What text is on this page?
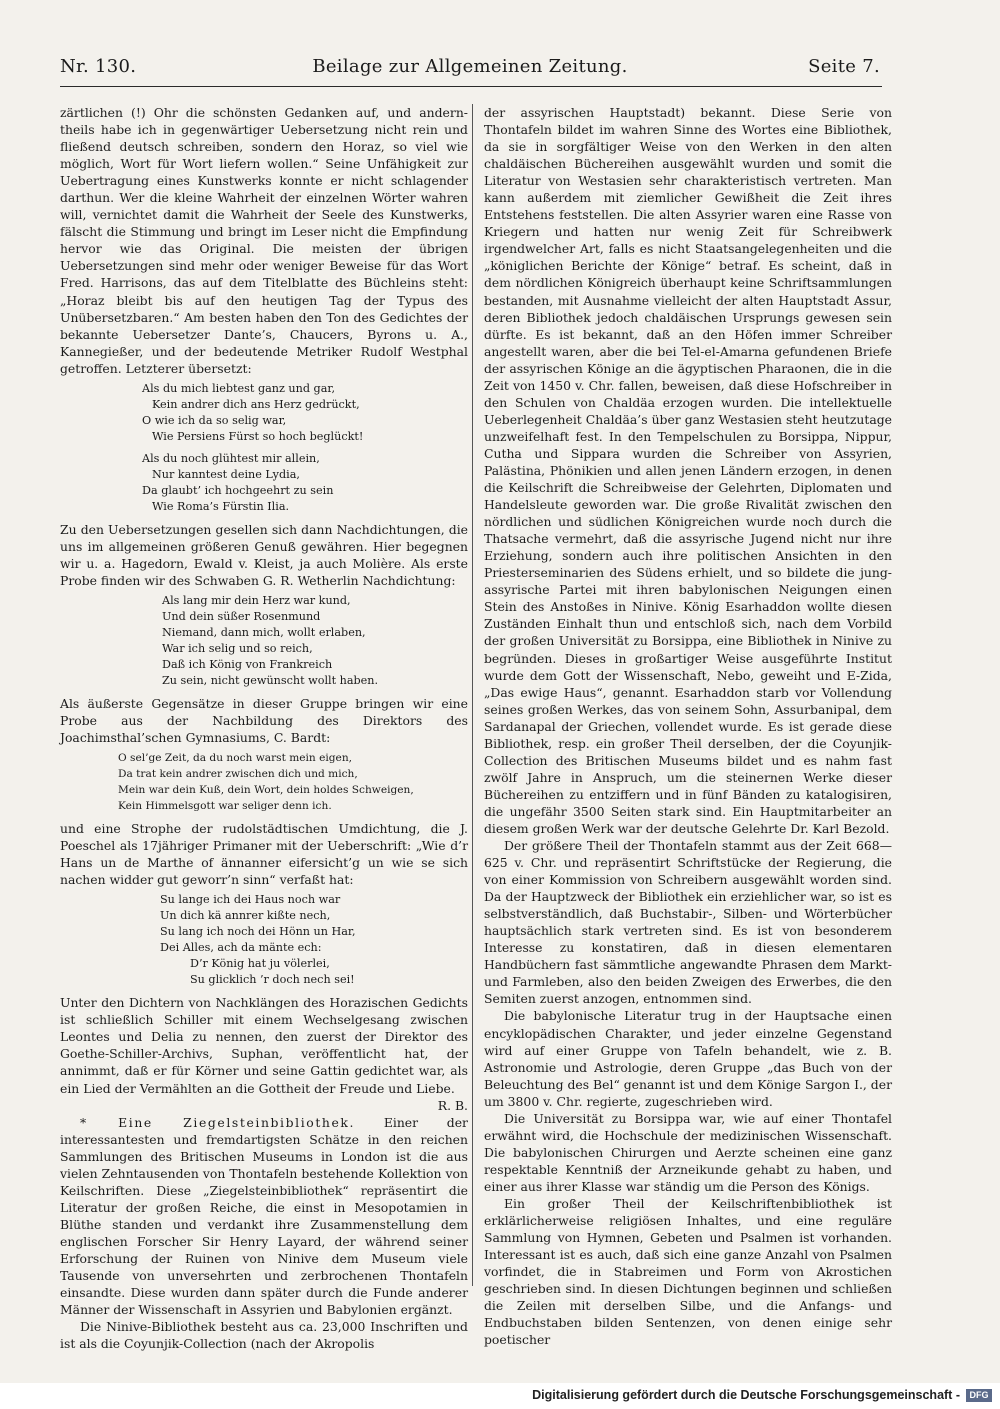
Nr. 130.	Beilage zur Allgemeinen Zeitung.	Seite 7.

zärtlichen (!) Ohr die schönsten Gedanken auf, und andern-theils habe ich in gegenwärtiger Uebersetzung nicht rein und fließend deutsch schreiben, sondern den Horaz, so viel wie möglich, Wort für Wort liefern wollen.“ Seine Unfähigkeit zur Uebertragung eines Kunstwerks konnte er nicht schlagender darthun. Wer die kleine Wahrheit der einzelnen Wörter wahren will, vernichtet damit die Wahrheit der Seele des Kunstwerks, fälscht die Stimmung und bringt im Leser nicht die Empfindung hervor wie das Original. Die meisten der übrigen Uebersetzungen sind mehr oder weniger Beweise für das Wort Fred. Harrisons, das auf dem Titelblatte des Büchleins steht: „Horaz bleibt bis auf den heutigen Tag der Typus des Unübersetzbaren.“ Am besten haben den Ton des Gedichtes der bekannte Uebersetzer Dante’s, Chaucers, Byrons u. A., Kannegießer, und der bedeutende Metriker Rudolf Westphal getroffen. Letzterer übersetzt:

Als du mich liebtest ganz und gar,
Kein andrer dich ans Herz gedrückt,
O wie ich da so selig war,
Wie Persiens Fürst so hoch beglückt!
Als du noch glühtest mir allein,
Nur kanntest deine Lydia,
Da glaubt’ ich hochgeehrt zu sein
Wie Roma’s Fürstin Ilia.

Zu den Uebersetzungen gesellen sich dann Nachdichtungen, die uns im allgemeinen größeren Genuß gewähren. Hier begegnen wir u. a. Hagedorn, Ewald v. Kleist, ja auch Molière. Als erste Probe finden wir des Schwaben G. R. Wetherlin Nachdichtung:

Als lang mir dein Herz war kund,
Und dein süßer Rosenmund
Niemand, dann mich, wollt erlaben,
War ich selig und so reich,
Daß ich König von Frankreich
Zu sein, nicht gewünscht wollt haben.

Als äußerste Gegensätze in dieser Gruppe bringen wir eine Probe aus der Nachbildung des Direktors des Joachimsthal’schen Gymnasiums, C. Bardt:

O sel’ge Zeit, da du noch warst mein eigen,
Da trat kein andrer zwischen dich und mich,
Mein war dein Kuß, dein Wort, dein holdes Schweigen,
Kein Himmelsgott war seliger denn ich.

und eine Strophe der rudolstädtischen Umdichtung, die J. Poeschel als 17jähriger Primaner mit der Ueberschrift: „Wie d’r Hans un de Marthe of ännanner eifersicht’g un wie se sich nachen widder gut geworr’n sinn“ verfaßt hat:

Su lange ich dei Haus noch war
Un dich kä annrer kißte nech,
Su lang ich noch dei Hönn un Har,
Dei Alles, ach da mänte ech:
D’r König hat ju völerlei,
Su glicklich ’r doch nech sei!

Unter den Dichtern von Nachklängen des Horazischen Gedichts ist schließlich Schiller mit einem Wechselgesang zwischen Leontes und Delia zu nennen, den zuerst der Direktor des Goethe-Schiller-Archivs, Suphan, veröffentlicht hat, der annimmt, daß er für Körner und seine Gattin gedichtet war, als ein Lied der Vermählten an die Gottheit der Freude und Liebe.

R. B.

* Eine Ziegelsteinbibliothek. Einer der interessantesten und fremdartigsten Schätze in den reichen Sammlungen des Britischen Museums in London ist die aus vielen Zehntausenden von Thontafeln bestehende Kollektion von Keilschriften. Diese „Ziegelsteinbibliothek“ repräsentirt die Literatur der großen Reiche, die einst in Mesopotamien in Blüthe standen und verdankt ihre Zusammenstellung dem englischen Forscher Sir Henry Layard, der während seiner Erforschung der Ruinen von Ninive dem Museum viele Tausende von unversehrten und zerbrochenen Thontafeln einsandte. Diese wurden dann später durch die Funde anderer Männer der Wissenschaft in Assyrien und Babylonien ergänzt.

Die Ninive-Bibliothek besteht aus ca. 23,000 Inschriften und ist als die Coyunjik-Collection (nach der Akropolis

der assyrischen Hauptstadt) bekannt. Diese Serie von Thontafeln bildet im wahren Sinne des Wortes eine Bibliothek, da sie in sorgfältiger Weise von den Werken in den alten chaldäischen Büchereihen ausgewählt wurden und somit die Literatur von Westasien sehr charakteristisch vertreten. Man kann außerdem mit ziemlicher Gewißheit die Zeit ihres Entstehens feststellen. Die alten Assyrier waren eine Rasse von Kriegern und hatten nur wenig Zeit für Schreibwerk irgendwelcher Art, falls es nicht Staatsangelegenheiten und die „königlichen Berichte der Könige“ betraf. Es scheint, daß in dem nördlichen Königreich überhaupt keine Schriftsammlungen bestanden, mit Ausnahme vielleicht der alten Hauptstadt Assur, deren Bibliothek jedoch chaldäischen Ursprungs gewesen sein dürfte. Es ist bekannt, daß an den Höfen immer Schreiber angestellt waren, aber die bei Tel-el-Amarna gefundenen Briefe der assyrischen Könige an die ägyptischen Pharaonen, die in die Zeit von 1450 v. Chr. fallen, beweisen, daß diese Hofschreiber in den Schulen von Chaldäa erzogen wurden. Die intellektuelle Ueberlegenheit Chaldäa’s über ganz Westasien steht heutzutage unzweifelhaft fest. In den Tempelschulen zu Borsippa, Nippur, Cutha und Sippara wurden die Schreiber von Assyrien, Palästina, Phönikien und allen jenen Ländern erzogen, in denen die Keilschrift die Schreibweise der Gelehrten, Diplomaten und Handelsleute geworden war. Die große Rivalität zwischen den nördlichen und südlichen Königreichen wurde noch durch die Thatsache vermehrt, daß die assyrische Jugend nicht nur ihre Erziehung, sondern auch ihre politischen Ansichten in den Priesterseminarien des Südens erhielt, und so bildete die jung-assyrische Partei mit ihren babylonischen Neigungen einen Stein des Anstoßes in Ninive. König Esarhaddon wollte diesen Zuständen Einhalt thun und entschloß sich, nach dem Vorbild der großen Universität zu Borsippa, eine Bibliothek in Ninive zu begründen. Dieses in großartiger Weise ausgeführte Institut wurde dem Gott der Wissenschaft, Nebo, geweiht und E-Zida, „Das ewige Haus“, genannt. Esarhaddon starb vor Vollendung seines großen Werkes, das von seinem Sohn, Assurbanipal, dem Sardanapal der Griechen, vollendet wurde. Es ist gerade diese Bibliothek, resp. ein großer Theil derselben, der die Coyunjik-Collection des Britischen Museums bildet und es nahm fast zwölf Jahre in Anspruch, um die steinernen Werke dieser Büchereihen zu entziffern und in fünf Bänden zu katalogisiren, die ungefähr 3500 Seiten stark sind. Ein Hauptmitarbeiter an diesem großen Werk war der deutsche Gelehrte Dr. Karl Bezold.

Der größere Theil der Thontafeln stammt aus der Zeit 668—625 v. Chr. und repräsentirt Schriftstücke der Regierung, die von einer Kommission von Schreibern ausgewählt worden sind. Da der Hauptzweck der Bibliothek ein erziehlicher war, so ist es selbstverständlich, daß Buchstabir-, Silben- und Wörterbücher hauptsächlich stark vertreten sind. Es ist von besonderem Interesse zu konstatiren, daß in diesen elementaren Handbüchern fast sämmtliche angewandte Phrasen dem Markt- und Farmleben, also den beiden Zweigen des Erwerbes, die den Semiten zuerst anzogen, entnommen sind.

Die babylonische Literatur trug in der Hauptsache einen encyklopädischen Charakter, und jeder einzelne Gegenstand wird auf einer Gruppe von Tafeln behandelt, wie z. B. Astronomie und Astrologie, deren Gruppe „das Buch von der Beleuchtung des Bel“ genannt ist und dem Könige Sargon I., der um 3800 v. Chr. regierte, zugeschrieben wird.

Die Universität zu Borsippa war, wie auf einer Thontafel erwähnt wird, die Hochschule der medizinischen Wissenschaft. Die babylonischen Chirurgen und Aerzte scheinen eine ganz respektable Kenntniß der Arzneikunde gehabt zu haben, und einer aus ihrer Klasse war ständig um die Person des Königs.

Ein großer Theil der Keilschriftenbibliothek ist erklärlicherweise religiösen Inhaltes, und eine reguläre Sammlung von Hymnen, Gebeten und Psalmen ist vorhanden. Interessant ist es auch, daß sich eine ganze Anzahl von Psalmen vorfindet, die in Stabreimen und Form von Akrostichen geschrieben sind. In diesen Dichtungen beginnen und schließen die Zeilen mit derselben Silbe, und die Anfangs- und Endbuchstaben bilden Sentenzen, von denen einige sehr poetischer

Digitalisierung gefördert durch die Deutsche Forschungsgemeinschaft -	DFG
